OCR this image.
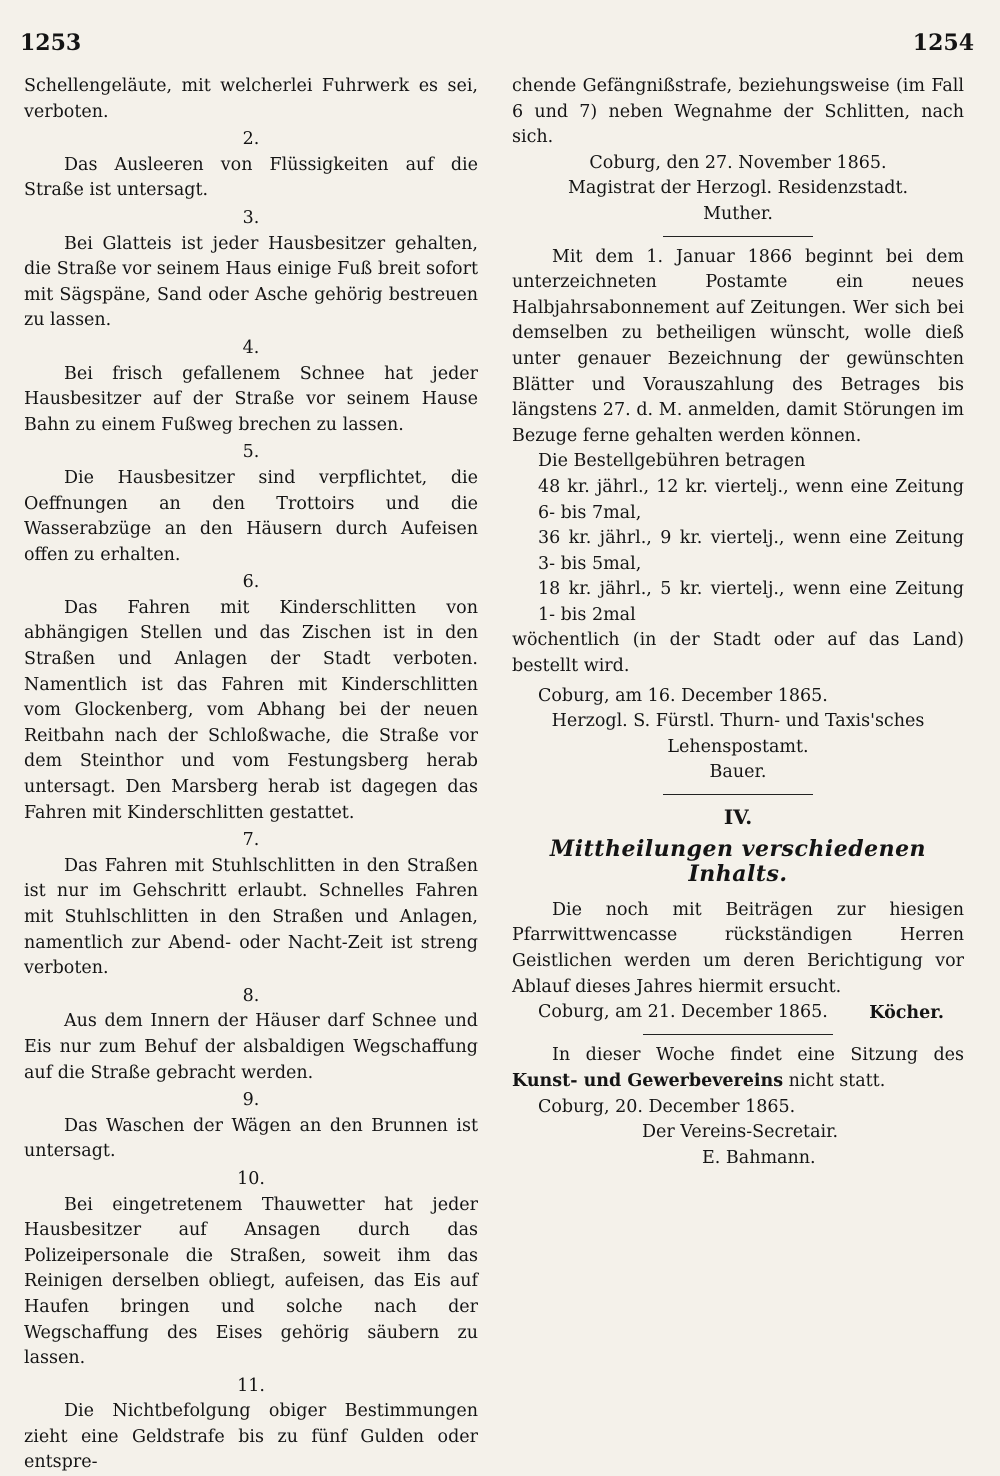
1253	1254

Schellengeläute, mit welcherlei Fuhrwerk es sei, verboten.

2.

Das Ausleeren von Flüssigkeiten auf die Straße ist untersagt.

3.

Bei Glatteis ist jeder Hausbesitzer gehalten, die Straße vor seinem Haus einige Fuß breit sofort mit Sägspäne, Sand oder Asche gehörig bestreuen zu lassen.

4.

Bei frisch gefallenem Schnee hat jeder Hausbesitzer auf der Straße vor seinem Hause Bahn zu einem Fußweg brechen zu lassen.

5.

Die Hausbesitzer sind verpflichtet, die Oeffnungen an den Trottoirs und die Wasserabzüge an den Häusern durch Aufeisen offen zu erhalten.

6.

Das Fahren mit Kinderschlitten von abhängigen Stellen und das Zischen ist in den Straßen und Anlagen der Stadt verboten. Namentlich ist das Fahren mit Kinderschlitten vom Glockenberg, vom Abhang bei der neuen Reitbahn nach der Schloßwache, die Straße vor dem Steinthor und vom Festungsberg herab untersagt. Den Marsberg herab ist dagegen das Fahren mit Kinderschlitten gestattet.

7.

Das Fahren mit Stuhlschlitten in den Straßen ist nur im Gehschritt erlaubt. Schnelles Fahren mit Stuhlschlitten in den Straßen und Anlagen, namentlich zur Abend- oder Nacht-Zeit ist streng verboten.

8.

Aus dem Innern der Häuser darf Schnee und Eis nur zum Behuf der alsbaldigen Wegschaffung auf die Straße gebracht werden.

9.

Das Waschen der Wägen an den Brunnen ist untersagt.

10.

Bei eingetretenem Thauwetter hat jeder Hausbesitzer auf Ansagen durch das Polizeipersonale die Straßen, soweit ihm das Reinigen derselben obliegt, aufeisen, das Eis auf Haufen bringen und solche nach der Wegschaffung des Eises gehörig säubern zu lassen.

11.

Die Nichtbefolgung obiger Bestimmungen zieht eine Geldstrafe bis zu fünf Gulden oder entspre-

chende Gefängnißstrafe, beziehungsweise (im Fall 6 und 7) neben Wegnahme der Schlitten, nach sich.

Coburg, den 27. November 1865.

Magistrat der Herzogl. Residenzstadt.

Muther.

Mit dem 1. Januar 1866 beginnt bei dem unterzeichneten Postamte ein neues Halbjahrsabonnement auf Zeitungen. Wer sich bei demselben zu betheiligen wünscht, wolle dieß unter genauer Bezeichnung der gewünschten Blätter und Vorauszahlung des Betrages bis längstens 27. d. M. anmelden, damit Störungen im Bezuge ferne gehalten werden können.

Die Bestellgebühren betragen

48 kr. jährl., 12 kr. viertelj., wenn eine Zeitung 6- bis 7mal,

36 kr. jährl., 9 kr. viertelj., wenn eine Zeitung 3- bis 5mal,

18 kr. jährl., 5 kr. viertelj., wenn eine Zeitung 1- bis 2mal

wöchentlich (in der Stadt oder auf das Land) bestellt wird.

Coburg, am 16. December 1865.

Herzogl. S. Fürstl. Thurn- und Taxis'sches Lehenspostamt.

Bauer.

IV.

Mittheilungen verschiedenen Inhalts.

Die noch mit Beiträgen zur hiesigen Pfarrwittwencasse rückständigen Herren Geistlichen werden um deren Berichtigung vor Ablauf dieses Jahres hiermit ersucht.

Coburg, am 21. December 1865.	Köcher.

In dieser Woche findet eine Sitzung des Kunst- und Gewerbevereins nicht statt.

Coburg, 20. December 1865.

Der Vereins-Secretair.

E. Bahmann.
